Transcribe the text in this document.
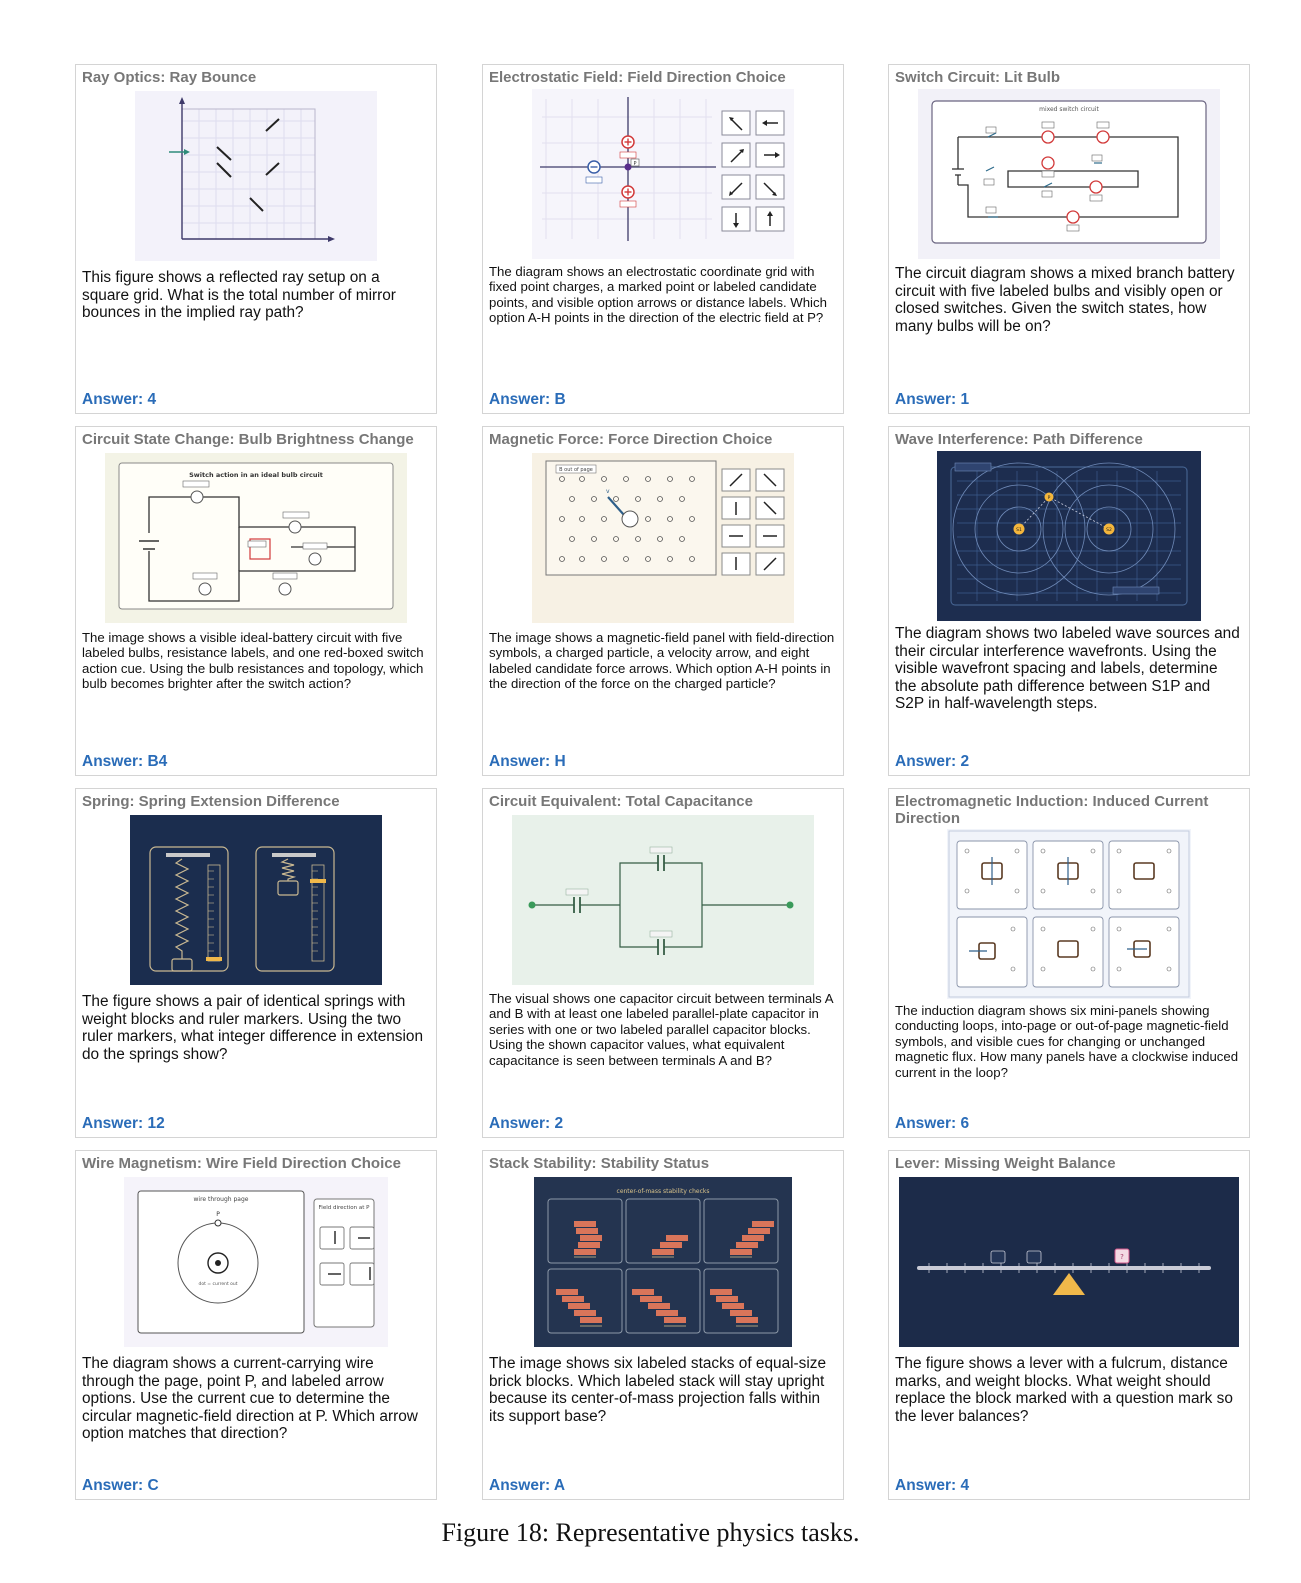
Ray Optics: Ray Bounce
This figure shows a reflected ray setup on a square grid. What is the total number of mirror bounces in the implied ray path?
Answer: 4
Electrostatic Field: Field Direction Choice
P
The diagram shows an electrostatic coordinate grid with fixed point charges, a marked point or labeled candidate points, and visible option arrows or distance labels. Which option A-H points in the direction of the electric field at P?
Answer: B
Switch Circuit: Lit Bulb
mixed switch circuit
The circuit diagram shows a mixed branch battery circuit with five labeled bulbs and visibly open or closed switches. Given the switch states, how many bulbs will be on?
Answer: 1
Circuit State Change: Bulb Brightness Change
Switch action in an ideal bulb circuit
The image shows a visible ideal-battery circuit with five labeled bulbs, resistance labels, and one red-boxed switch action cue. Using the bulb resistances and topology, which bulb becomes brighter after the switch action?
Answer: B4
Magnetic Force: Force Direction Choice
B out of page
v
The image shows a magnetic-field panel with field-direction symbols, a charged particle, a velocity arrow, and eight labeled candidate force arrows. Which option A-H points in the direction of the force on the charged particle?
Answer: H
Wave Interference: Path Difference
P
S1	S2
The diagram shows two labeled wave sources and their circular interference wavefronts. Using the visible wavefront spacing and labels, determine the absolute path difference between S1P and S2P in half-wavelength steps.
Answer: 2
Spring: Spring Extension Difference
The figure shows a pair of identical springs with weight blocks and ruler markers. Using the two ruler markers, what integer difference in extension do the springs show?
Answer: 12
Circuit Equivalent: Total Capacitance
The visual shows one capacitor circuit between terminals A and B with at least one labeled parallel-plate capacitor in series with one or two labeled parallel capacitor blocks. Using the shown capacitor values, what equivalent capacitance is seen between terminals A and B?
Answer: 2
Electromagnetic Induction: Induced Current Direction
The induction diagram shows six mini-panels showing conducting loops, into-page or out-of-page magnetic-field symbols, and visible cues for changing or unchanged magnetic flux. How many panels have a clockwise induced current in the loop?
Answer: 6
Wire Magnetism: Wire Field Direction Choice
wire through page
P
dot = current out
Field direction at P
The diagram shows a current-carrying wire through the page, point P, and labeled arrow options. Use the current cue to determine the circular magnetic-field direction at P. Which arrow option matches that direction?
Answer: C
Stack Stability: Stability Status
center-of-mass stability checks
The image shows six labeled stacks of equal-size brick blocks. Which labeled stack will stay upright because its center-of-mass projection falls within its support base?
Answer: A
Lever: Missing Weight Balance
?
The figure shows a lever with a fulcrum, distance marks, and weight blocks. What weight should replace the block marked with a question mark so the lever balances?
Answer: 4
Figure 18: Representative physics tasks.
